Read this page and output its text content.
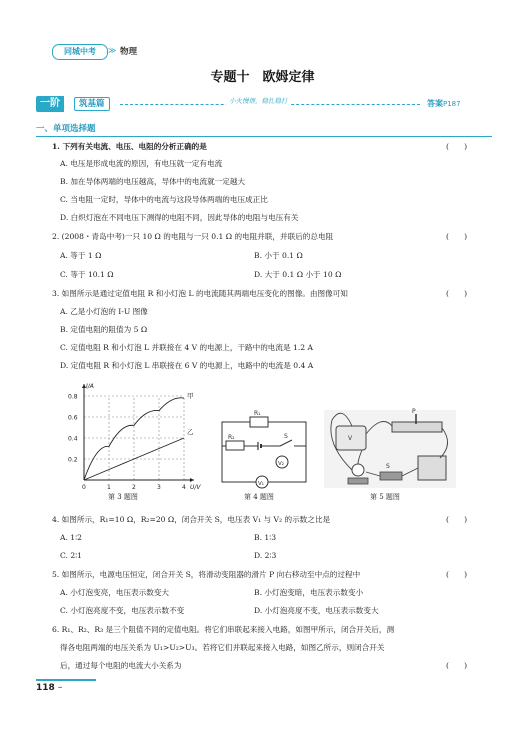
同城中考	≫ 物理
专题十　欧姆定律
一阶	筑基篇	小火慢煨，稳扎稳打	答案P187
一、单项选择题
1. 下列有关电流、电压、电阻的分析正确的是	(　　)
A. 电压是形成电流的原因，有电压就一定有电流
B. 加在导体两端的电压越高，导体中的电流就一定越大
C. 当电阻一定时，导体中的电流与这段导体两端的电压成正比
D. 白炽灯泡在不同电压下测得的电阻不同，因此导体的电阻与电压有关
2. (2008・青岛中考)一只 10 Ω 的电阻与一只 0.1 Ω 的电阻并联，并联后的总电阻	(　　)
A. 等于 1 Ω	B. 小于 0.1 Ω
C. 等于 10.1 Ω	D. 大于 0.1 Ω 小于 10 Ω
3. 如图所示是通过定值电阻 R 和小灯泡 L 的电流随其两端电压变化的图像。由图像可知	(　　)
A. 乙是小灯泡的 I-U 图像
B. 定值电阻的阻值为 5 Ω
C. 定值电阻 R 和小灯泡 L 并联接在 4 V 的电源上，干路中的电流是 1.2 A
D. 定值电阻 R 和小灯泡 L 串联接在 6 V 的电源上，电路中的电流是 0.4 A
0.8
0.6
0.4
0.2
0	1	2	3	4
I/A
U/V
甲
乙
第 3 题图
R₁
R₂	S
V₂
V₁
第 4 题图
V
P
S
第 5 题图
4. 如图所示，R₁=10 Ω，R₂=20 Ω，闭合开关 S，电压表 V₁ 与 V₂ 的示数之比是	(　　)
A. 1∶2	B. 1∶3
C. 2∶1	D. 2∶3
5. 如图所示，电源电压恒定，闭合开关 S，将滑动变阻器的滑片 P 向右移动至中点的过程中	(　　)
A. 小灯泡变亮，电压表示数变大	B. 小灯泡变暗，电压表示数变小
C. 小灯泡亮度不变，电压表示数不变	D. 小灯泡亮度不变，电压表示数变大
6. R₁、R₂、R₃ 是三个阻值不同的定值电阻。将它们串联起来接入电路，如图甲所示，闭合开关后，测
得各电阻两端的电压关系为 U₁>U₂>U₃。若将它们并联起来接入电路，如图乙所示，则闭合开关
后，通过每个电阻的电流大小关系为	(　　)
118 –
